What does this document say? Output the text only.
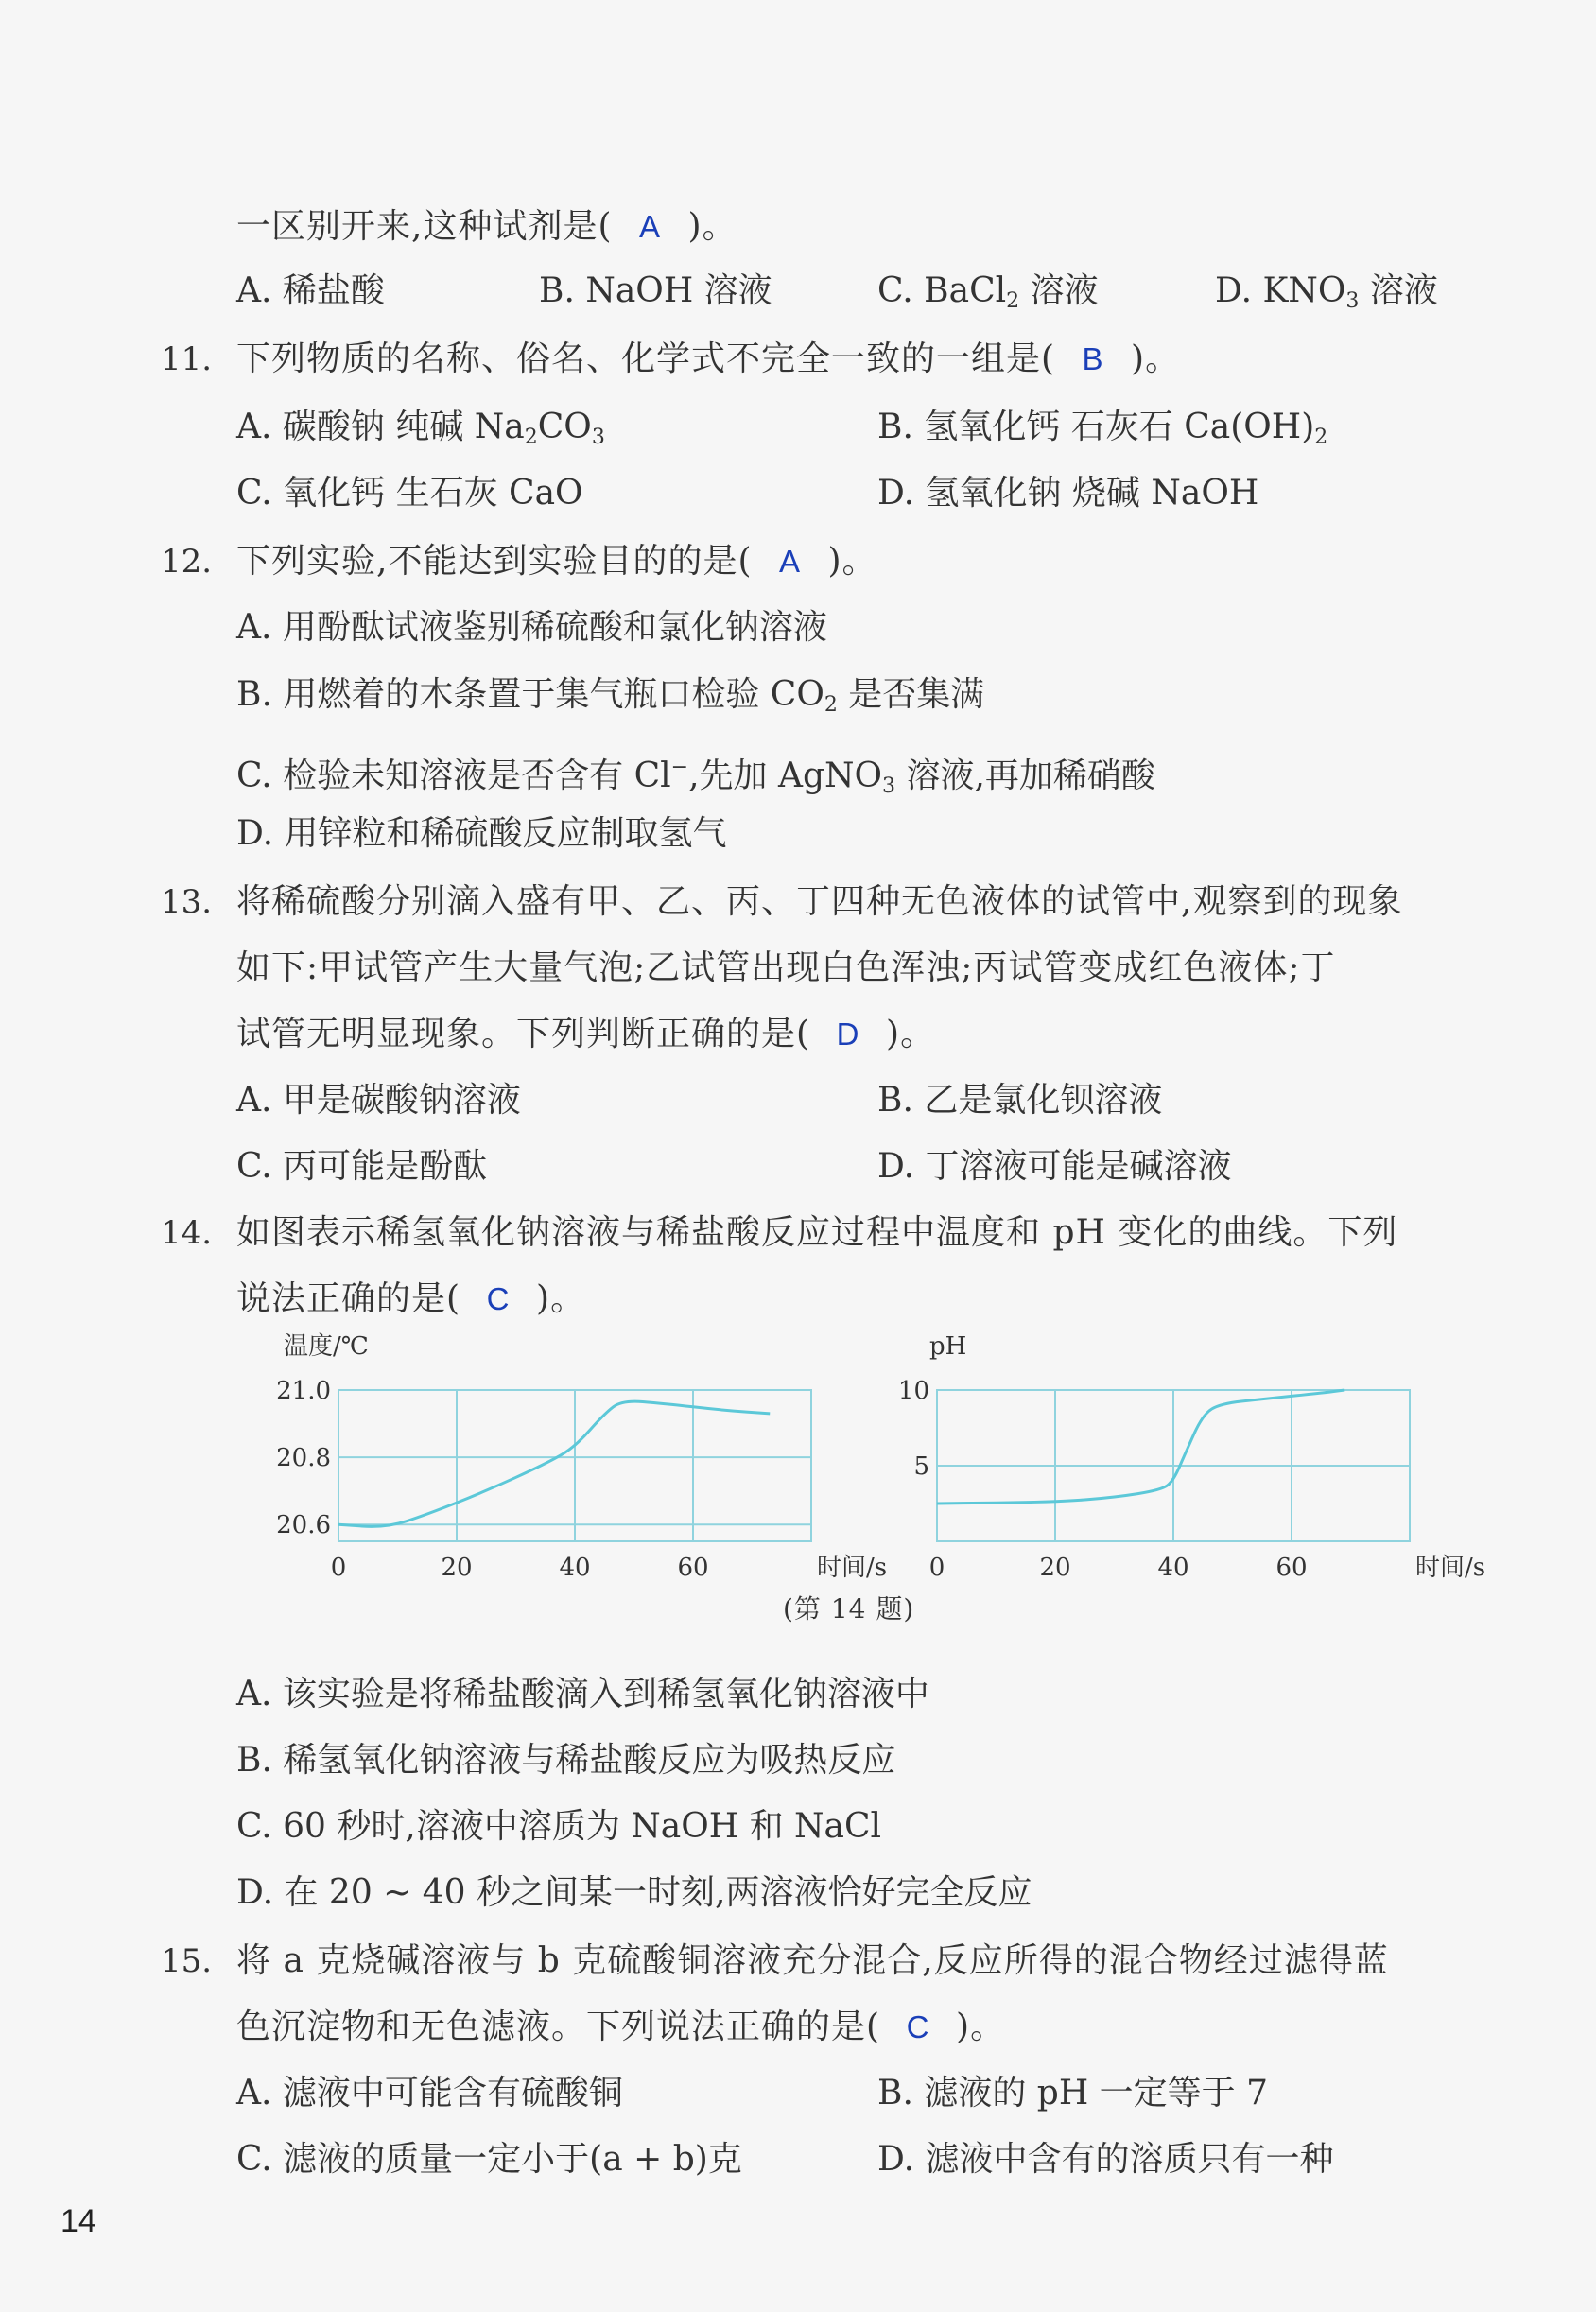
一区别开来,这种试剂是( A )。
A. 稀盐酸	B. NaOH 溶液	C. BaCl$_2$ 溶液	D. $KNO_3$ 溶液
11. 下列物质的名称、俗名、化学式不完全一致的一组是( B )。
A. 碳酸钠 纯碱 $Na_2CO_3$	B. 氢氧化钙 石灰石 $Ca(OH)_2$
C. 氧化钙 生石灰 CaO	D. 氢氧化钠 烧碱 NaOH
12. 下列实验,不能达到实验目的的是( A )。
A. 用酚酞试液鉴别稀硫酸和氯化钠溶液
B. 用燃着的木条置于集气瓶口检验 $CO_2$ 是否集满
C. 检验未知溶液是否含有 Cl−,先加 AgNO$_3$ 溶液,再加稀硝酸
D. 用锌粒和稀硫酸反应制取氢气
13. 将稀硫酸分别滴入盛有甲、乙、丙、丁四种无色液体的试管中,观察到的现象
如下:甲试管产生大量气泡;乙试管出现白色浑浊;丙试管变成红色液体;丁
试管无明显现象。下列判断正确的是( D )。
A. 甲是碳酸钠溶液	B. 乙是氯化钡溶液
C. 丙可能是酚酞	D. 丁溶液可能是碱溶液
14. 如图表示稀氢氧化钠溶液与稀盐酸反应过程中温度和 pH 变化的曲线。下列
说法正确的是( C )。
温度/℃
时间/s
0	20	40	60
21.0
20.8
20.6
pH
时间/s
0	20	40	60
10
5
(第 14 题)
A. 该实验是将稀盐酸滴入到稀氢氧化钠溶液中
B. 稀氢氧化钠溶液与稀盐酸反应为吸热反应
C. 60 秒时,溶液中溶质为 NaOH 和 NaCl
D. 在 20 ~ 40 秒之间某一时刻,两溶液恰好完全反应
15. 将 a 克烧碱溶液与 b 克硫酸铜溶液充分混合,反应所得的混合物经过滤得蓝
色沉淀物和无色滤液。下列说法正确的是( C )。
A. 滤液中可能含有硫酸铜	B. 滤液的 pH 一定等于 7
C. 滤液的质量一定小于(a + b)克	D. 滤液中含有的溶质只有一种
14
